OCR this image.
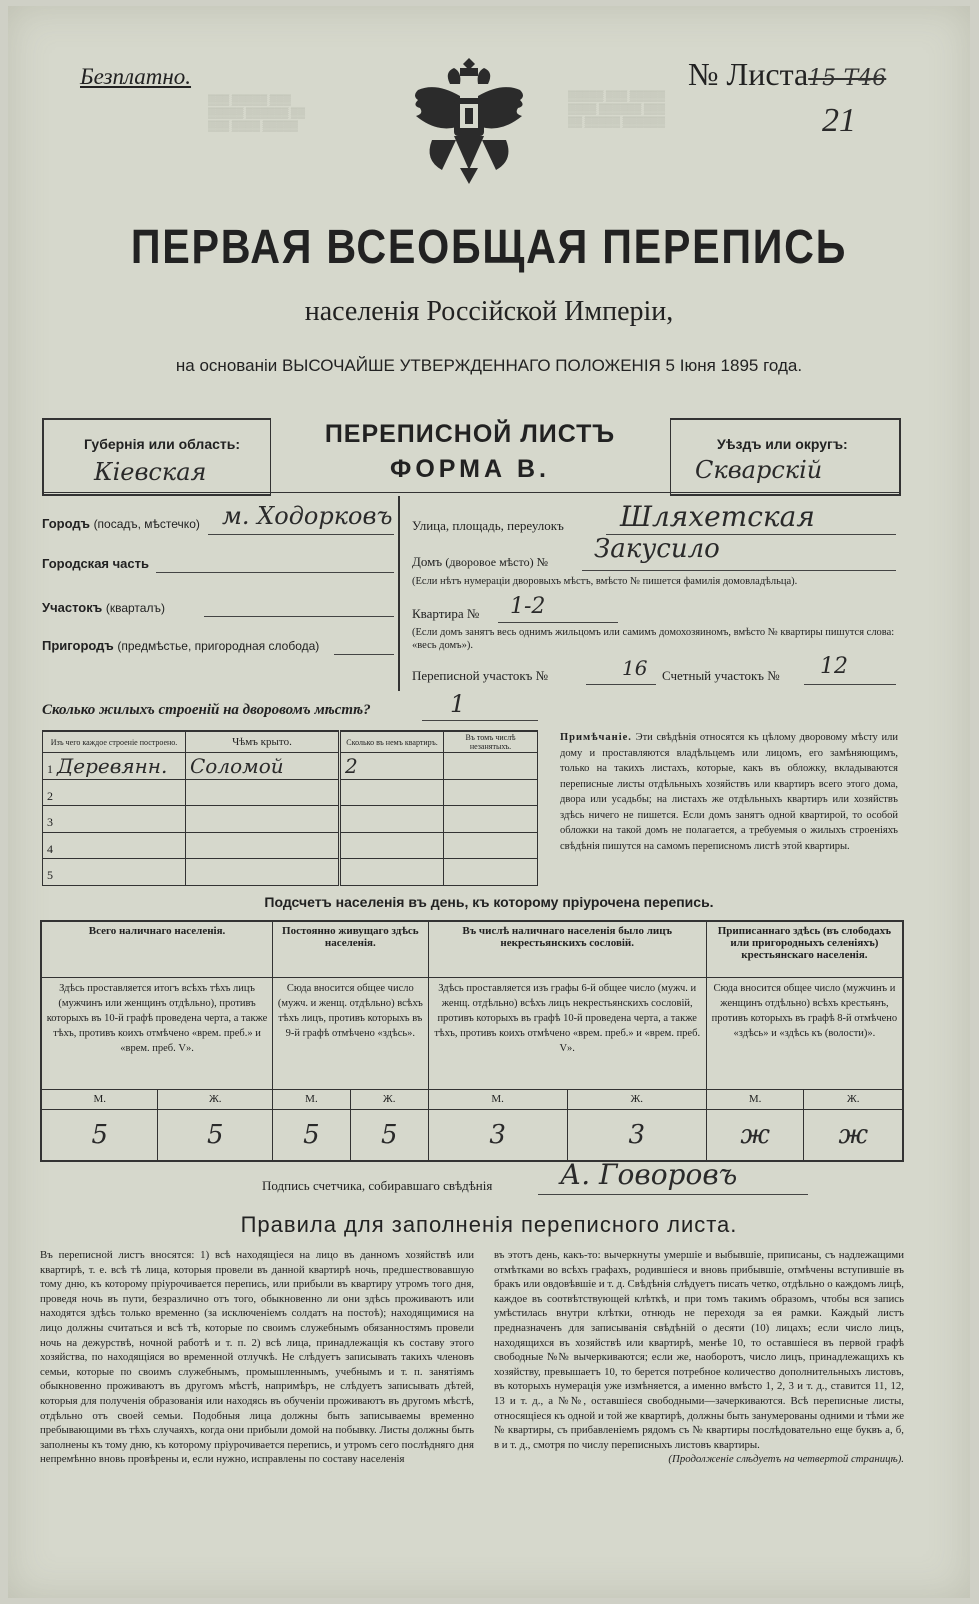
Безплатно.
▒▒▒ ▒▒▒▒▒ ▒▒▒
▒▒▒▒▒ ▒▒▒▒▒▒ ▒▒
▒▒▒ ▒▒▒▒ ▒▒▒▒▒
▒▒▒▒▒ ▒▒▒ ▒▒▒▒▒
▒▒▒▒ ▒▒▒▒▒▒ ▒▒▒
▒▒ ▒▒▒▒▒ ▒▒▒▒▒▒
№ Листа15-Т46
21
ПЕРВАЯ ВСЕОБЩАЯ ПЕРЕПИСЬ
населенія Россійской Имперіи,
на основаніи ВЫСОЧАЙШЕ УТВЕРЖДЕННАГО ПОЛОЖЕНІЯ 5 Іюня 1895 года.
Губернія или область:
Кіевская
ПЕРЕПИСНОЙ ЛИСТЪ
ФОРМА В.
Уѣздъ или округъ:
Скварскій
Городъ (посадъ, мѣстечко) м. Ходорковъ
Городская часть
Участокъ (кварталъ)
Пригородъ (предмѣстье, пригородная слобода)
Улица, площадь, переулокъ Шляхетская
Домъ (дворовое мѣсто) № Закусило
(Если нѣтъ нумераціи дворовыхъ мѣстъ, вмѣсто № пишется фамилія домовладѣльца).
Квартира № 1-2
(Если домъ занятъ весь однимъ жильцомъ или самимъ домохозяиномъ, вмѣсто № квартиры пишутся слова: «весь домъ»).
Переписной участокъ №	16 Счетный участокъ № 12
Сколько жилыхъ строеній на дворовомъ мѣстѣ?	1
Изъ чего каждое строеніе построено.	Чѣмъ крыто.	Сколько въ немъ квартиръ.	Въ томъ числѣ незанятыхъ.
1 Деревянн.	Соломой	2	
2			
3			
4			
5			
Примѣчаніе. Эти свѣдѣнія относятся къ цѣлому дворовому мѣсту или дому и проставляются владѣльцемъ или лицомъ, его замѣняющимъ, только на такихъ листахъ, которые, какъ въ обложку, вкладываются переписные листы отдѣльныхъ хозяйствъ или квартиръ всего этого дома, двора или усадьбы; на листахъ же отдѣльныхъ квартиръ или хозяйствъ здѣсь ничего не пишется. Если домъ занятъ одной квартирой, то особой обложки на такой домъ не полагается, а требуемыя о жилыхъ строеніяхъ свѣдѣнія пишутся на самомъ переписномъ листѣ этой квартиры.
Подсчетъ населенія въ день, къ которому пріурочена перепись.
Всего наличнаго населенія.		Постоянно живущаго здѣсь населенія.		Въ числѣ наличнаго населенія было лицъ некрестьянскихъ сословій.		Приписаннаго здѣсь (въ слободахъ или пригородныхъ селеніяхъ) крестьянскаго населенія.	
Здѣсь проставляется итогъ всѣхъ тѣхъ лицъ (мужчинъ или женщинъ отдѣльно), противъ которыхъ въ 10-й графѣ проведена черта, а также тѣхъ, противъ коихъ отмѣчено «врем. преб.» и «врем. преб. V».		Сюда вносится общее число (мужч. и женщ. отдѣльно) всѣхъ тѣхъ лицъ, противъ которыхъ въ 9-й графѣ отмѣчено «здѣсь».		Здѣсь проставляется изъ графы 6-й общее число (мужч. и женщ. отдѣльно) всѣхъ лицъ некрестьянскихъ сословій, противъ которыхъ въ графѣ 10-й проведена черта, а также тѣхъ, противъ коихъ отмѣчено «врем. преб.» и «врем. преб. V».		Сюда вносится общее число (мужчинъ и женщинъ отдѣльно) всѣхъ крестьянъ, противъ которыхъ въ графѣ 8-й отмѣчено «здѣсь» и «здѣсь къ (волости)».	
М.	Ж.	М.	Ж.	М.	Ж.	М.	Ж.
5	5	5	5	3	3	ж	ж
Подпись счетчика, собиравшаго свѣдѣнія А. Говоровъ
Правила для заполненія переписного листа.
Въ переписной листъ вносятся: 1) всѣ находящіеся на лицо въ данномъ хозяйствѣ или квартирѣ, т. е. всѣ тѣ лица, которыя провели въ данной квартирѣ ночь, предшествовавшую тому дню, къ которому пріурочивается перепись, или прибыли въ квартиру утромъ того дня, проведя ночь въ пути, безразлично отъ того, обыкновенно ли они здѣсь проживаютъ или находятся здѣсь только временно (за исключеніемъ солдатъ на постоѣ); находящимися на лицо должны считаться и всѣ тѣ, которые по своимъ служебнымъ обязанностямъ провели ночь на дежурствѣ, ночной работѣ и т. п. 2) всѣ лица, принадлежащія къ составу этого хозяйства, по находящіяся во временной отлучкѣ. Не слѣдуетъ записывать такихъ членовъ семьи, которые по своимъ служебнымъ, промышленнымъ, учебнымъ и т. п. занятіямъ обыкновенно проживаютъ въ другомъ мѣстѣ, напримѣръ, не слѣдуетъ записывать дѣтей, которыя для полученія образованія или находясь въ обученіи проживаютъ въ другомъ мѣстѣ, отдѣльно отъ своей семьи. Подобныя лица должны быть записываемы временно пребывающими въ тѣхъ случаяхъ, когда они прибыли домой на побывку. Листы должны быть заполнены къ тому дню, къ которому пріурочивается перепись, и утромъ сего послѣдняго дня непремѣнно вновь провѣрены и, если нужно, исправлены по составу населенія
въ этотъ день, какъ-то: вычеркнуты умершіе и выбывшіе, приписаны, съ надлежащими отмѣтками во всѣхъ графахъ, родившіеся и вновь прибывшіе, отмѣчены вступившіе въ бракъ или овдовѣвшіе и т. д. Свѣдѣнія слѣдуетъ писать четко, отдѣльно о каждомъ лицѣ, каждое въ соотвѣтствующей клѣткѣ, и при томъ такимъ образомъ, чтобы вся запись умѣстилась внутри клѣтки, отнюдь не переходя за ея рамки. Каждый листъ предназначенъ для записыванія свѣдѣній о десяти (10) лицахъ; если число лицъ, находящихся въ хозяйствѣ или квартирѣ, менѣе 10, то оставшіеся въ первой графѣ свободные №№ вычеркиваются; если же, наоборотъ, число лицъ, принадлежащихъ къ хозяйству, превышаетъ 10, то берется потребное количество дополнительныхъ листовъ, въ которыхъ нумерація уже измѣняется, а именно вмѣсто 1, 2, 3 и т. д., ставится 11, 12, 13 и т. д., а №№, оставшіеся свободными—зачеркиваются. Всѣ переписные листы, относящіеся къ одной и той же квартирѣ, должны быть занумерованы одними и тѣми же № квартиры, съ прибавленіемъ рядомъ съ № квартиры послѣдовательно еще буквъ а, б, в и т. д., смотря по числу переписныхъ листовъ квартиры.
(Продолженіе слѣдуетъ на четвертой страницѣ).
